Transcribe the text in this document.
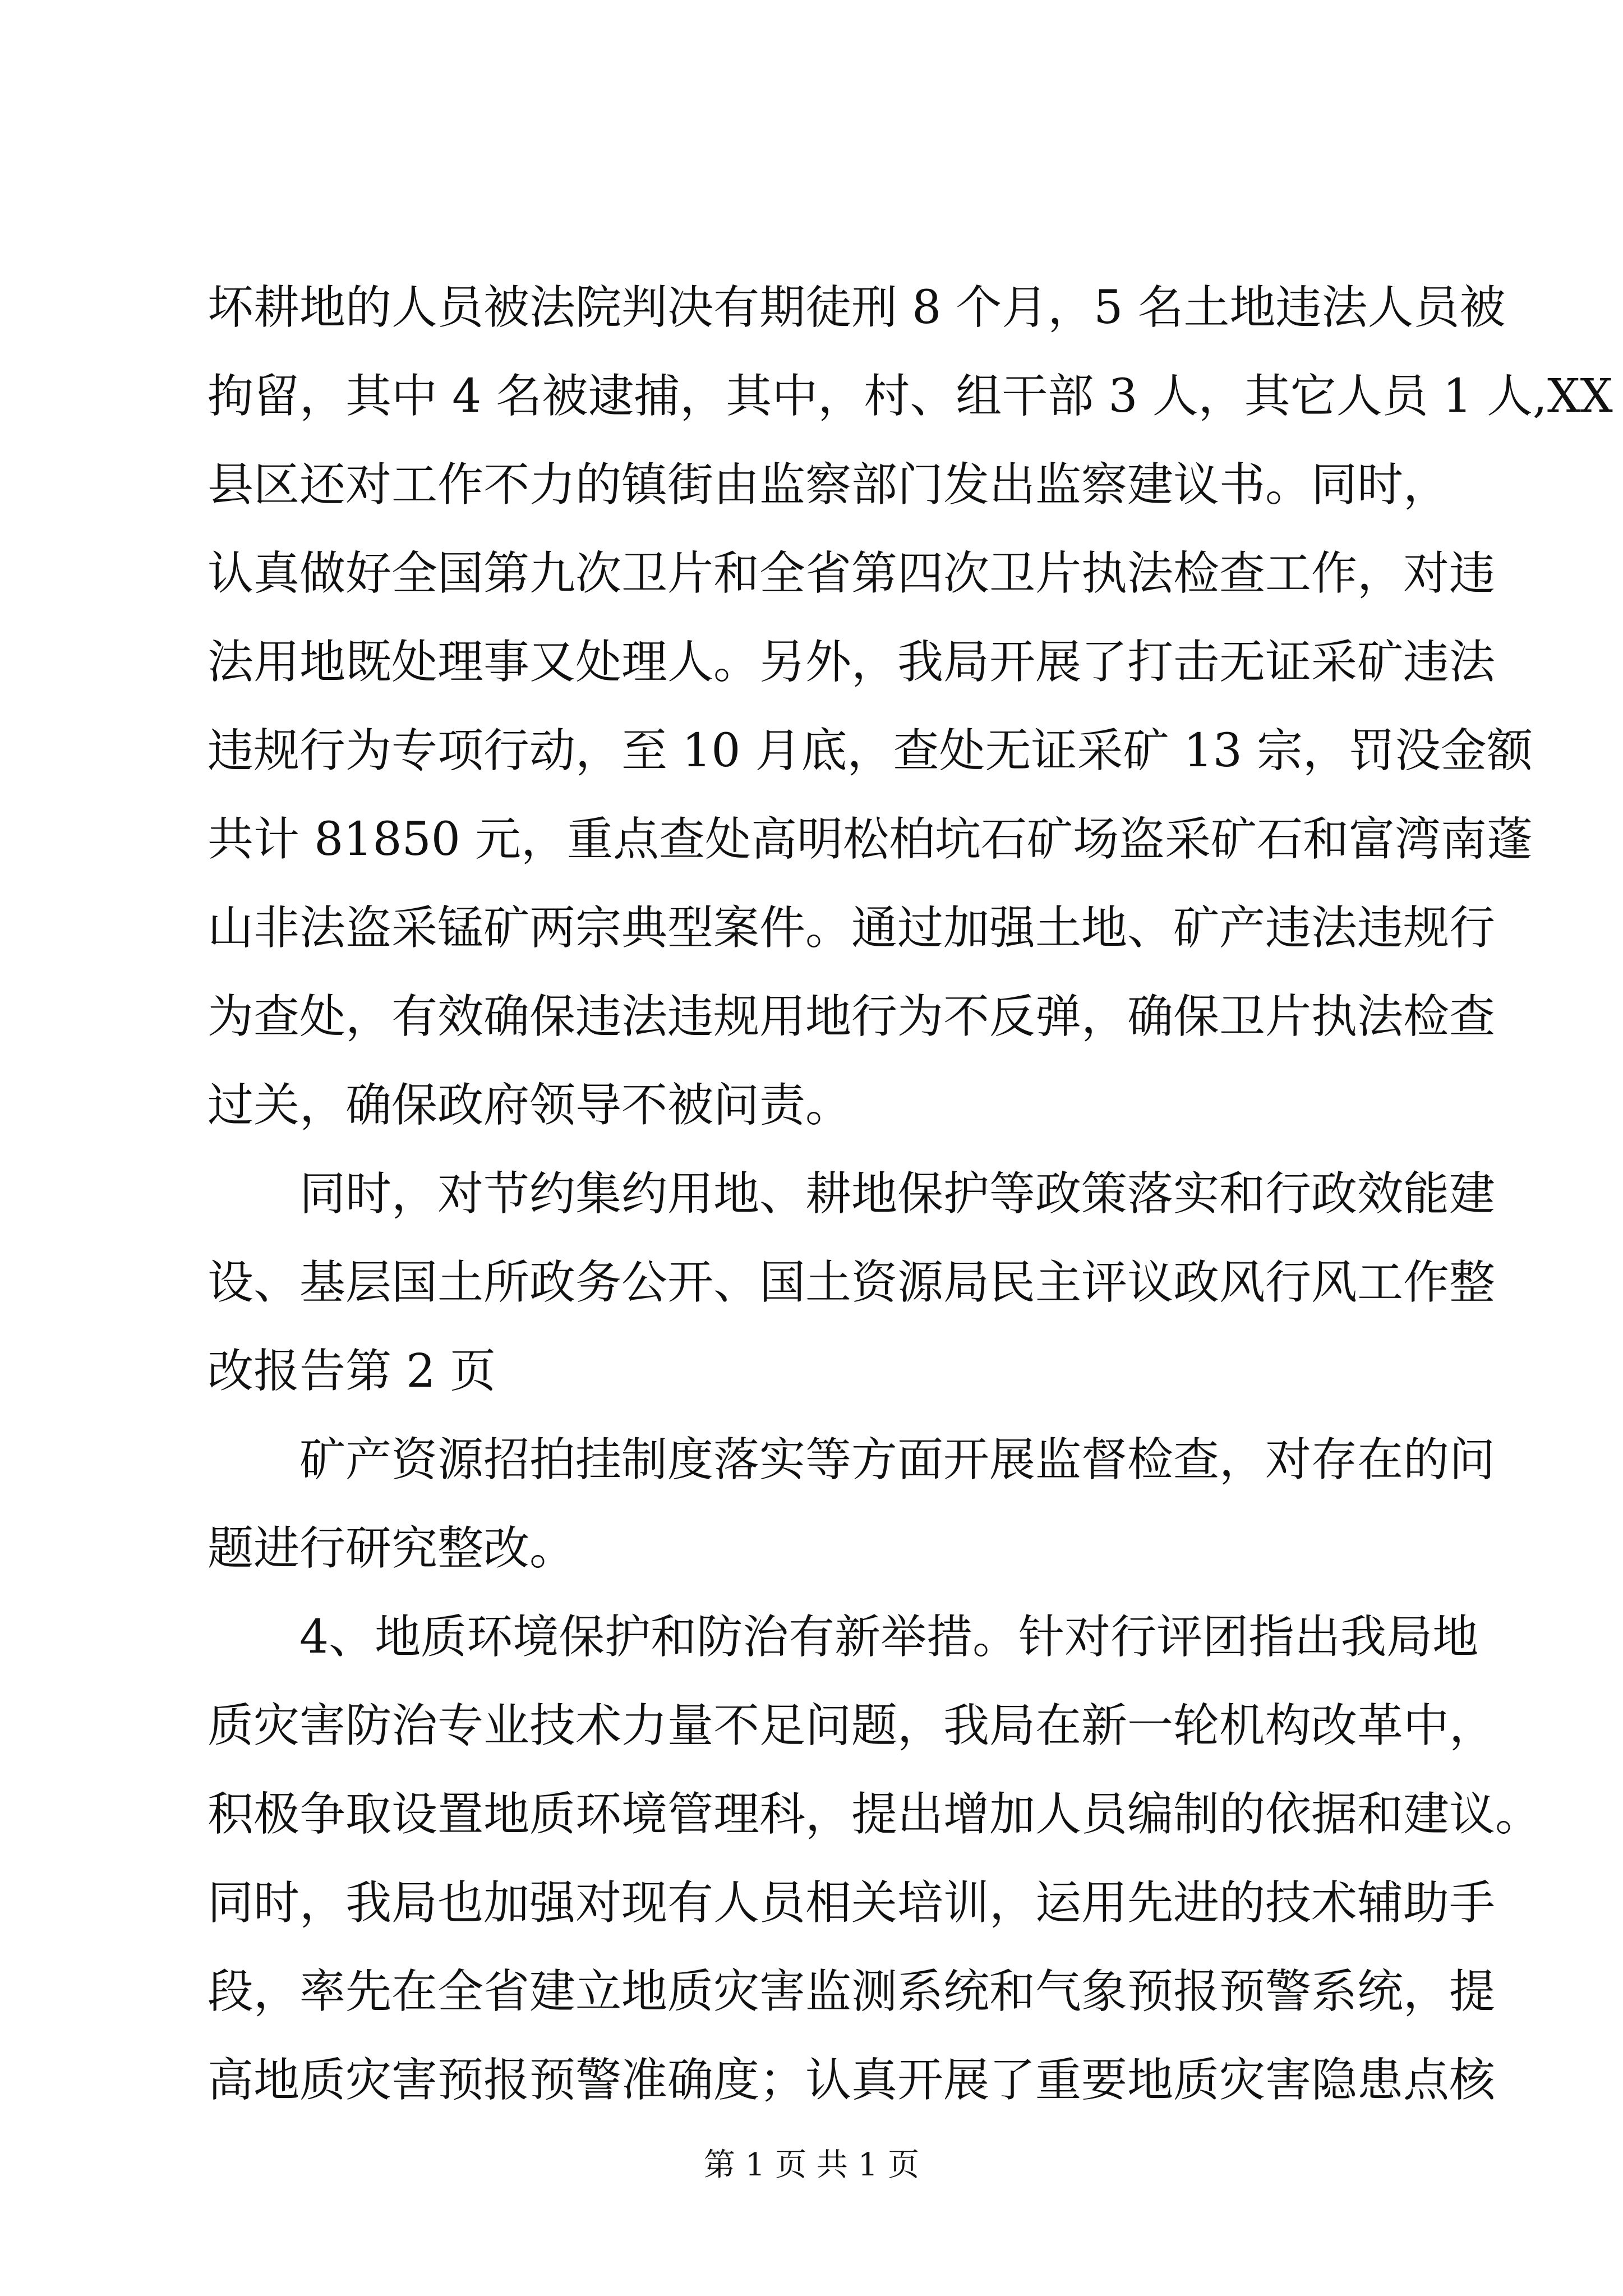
坏耕地的人员被法院判决有期徒刑 8 个月，5 名土地违法人员被
拘留，其中 4 名被逮捕，其中，村、组干部 3 人，其它人员 1 人,XX
县区还对工作不力的镇街由监察部门发出监察建议书。同时，
认真做好全国第九次卫片和全省第四次卫片执法检查工作，对违
法用地既处理事又处理人。另外，我局开展了打击无证采矿违法
违规行为专项行动，至 10 月底，查处无证采矿 13 宗，罚没金额
共计 81850 元，重点查处高明松柏坑石矿场盗采矿石和富湾南蓬
山非法盗采锰矿两宗典型案件。通过加强土地、矿产违法违规行
为查处，有效确保违法违规用地行为不反弹，确保卫片执法检查
过关，确保政府领导不被问责。
同时，对节约集约用地、耕地保护等政策落实和行政效能建
设、基层国土所政务公开、国土资源局民主评议政风行风工作整
改报告第 2 页
矿产资源招拍挂制度落实等方面开展监督检查，对存在的问
题进行研究整改。
4、地质环境保护和防治有新举措。针对行评团指出我局地
质灾害防治专业技术力量不足问题，我局在新一轮机构改革中，
积极争取设置地质环境管理科，提出增加人员编制的依据和建议。
同时，我局也加强对现有人员相关培训，运用先进的技术辅助手
段，率先在全省建立地质灾害监测系统和气象预报预警系统，提
高地质灾害预报预警准确度；认真开展了重要地质灾害隐患点核
第 1 页 共 1 页
